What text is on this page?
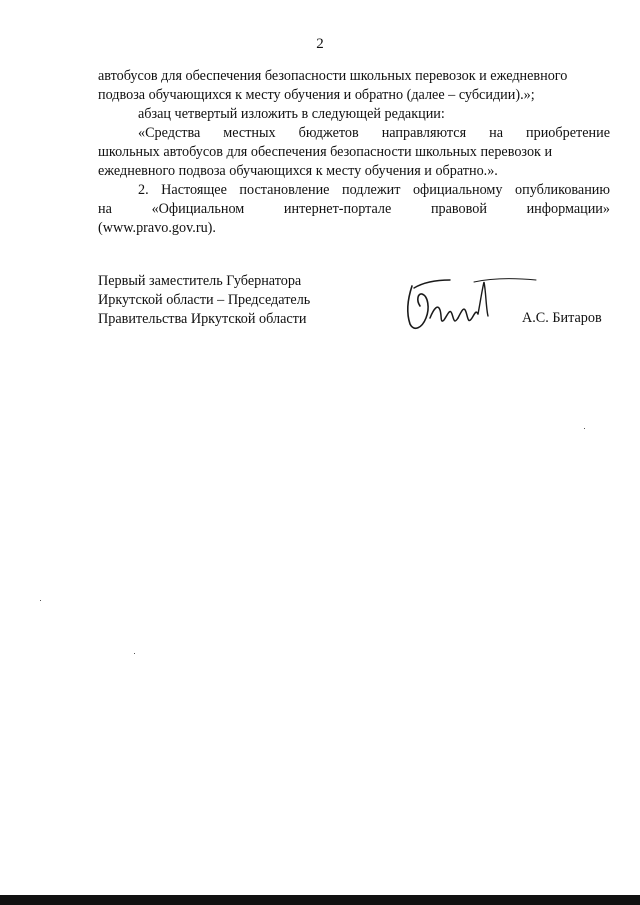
2
автобусов для обеспечения безопасности школьных перевозок и ежедневного
подвоза обучающихся к месту обучения и обратно (далее – субсидии).»;
абзац четвертый изложить в следующей редакции:
«Средства местных бюджетов направляются на приобретение
школьных автобусов для обеспечения безопасности школьных перевозок и
ежедневного подвоза обучающихся к месту обучения и обратно.».
2. Настоящее постановление подлежит официальному опубликованию
на «Официальном интернет-портале правовой информации»
(www.pravo.gov.ru).
Первый заместитель Губернатора
Иркутской области – Председатель
Правительства Иркутской области	А.С. Битаров
